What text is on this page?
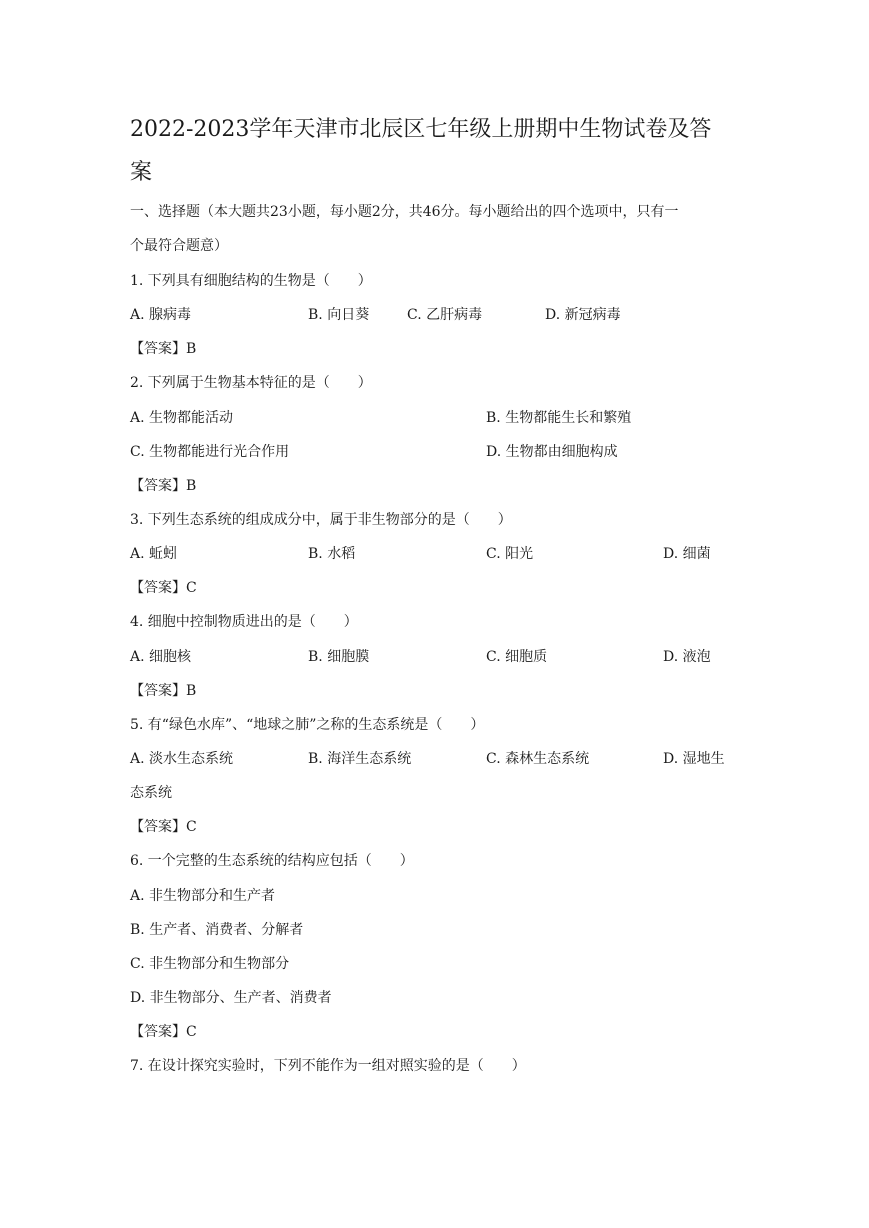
2022-2023学年天津市北辰区七年级上册期中生物试卷及答
案
一、选择题（本大题共23小题，每小题2分，共46分。每小题给出的四个选项中，只有一
个最符合题意）
1. 下列具有细胞结构的生物是（　　）
A. 腺病毒	B. 向日葵	C. 乙肝病毒	D. 新冠病毒
【答案】B
2. 下列属于生物基本特征的是（　　）
A. 生物都能活动	B. 生物都能生长和繁殖
C. 生物都能进行光合作用	D. 生物都由细胞构成
【答案】B
3. 下列生态系统的组成成分中，属于非生物部分的是（　　）
A. 蚯蚓	B. 水稻	C. 阳光	D. 细菌
【答案】C
4. 细胞中控制物质进出的是（　　）
A. 细胞核	B. 细胞膜	C. 细胞质	D. 液泡
【答案】B
5. 有“绿色水库”、“地球之肺”之称的生态系统是（　　）
A. 淡水生态系统	B. 海洋生态系统	C. 森林生态系统	D. 湿地生
态系统
【答案】C
6. 一个完整的生态系统的结构应包括（　　）
A. 非生物部分和生产者
B. 生产者、消费者、分解者
C. 非生物部分和生物部分
D. 非生物部分、生产者、消费者
【答案】C
7. 在设计探究实验时，下列不能作为一组对照实验的是（　　）
